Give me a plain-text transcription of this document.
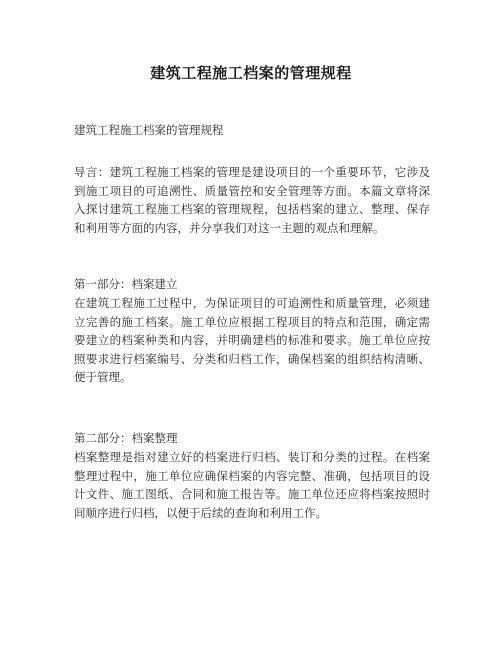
建筑工程施工档案的管理规程
建筑工程施工档案的管理规程

导言：建筑工程施工档案的管理是建设项目的一个重要环节，它涉及到施工项目的可追溯性、质量管控和安全管理等方面。本篇文章将深入探讨建筑工程施工档案的管理规程，包括档案的建立、整理、保存和利用等方面的内容，并分享我们对这一主题的观点和理解。

第一部分：档案建立

在建筑工程施工过程中，为保证项目的可追溯性和质量管理，必须建立完善的施工档案。施工单位应根据工程项目的特点和范围，确定需要建立的档案种类和内容，并明确建档的标准和要求。施工单位应按照要求进行档案编号、分类和归档工作，确保档案的组织结构清晰、便于管理。

第二部分：档案整理

档案整理是指对建立好的档案进行归档、装订和分类的过程。在档案整理过程中，施工单位应确保档案的内容完整、准确，包括项目的设计文件、施工图纸、合同和施工报告等。施工单位还应将档案按照时间顺序进行归档，以便于后续的查询和利用工作。
